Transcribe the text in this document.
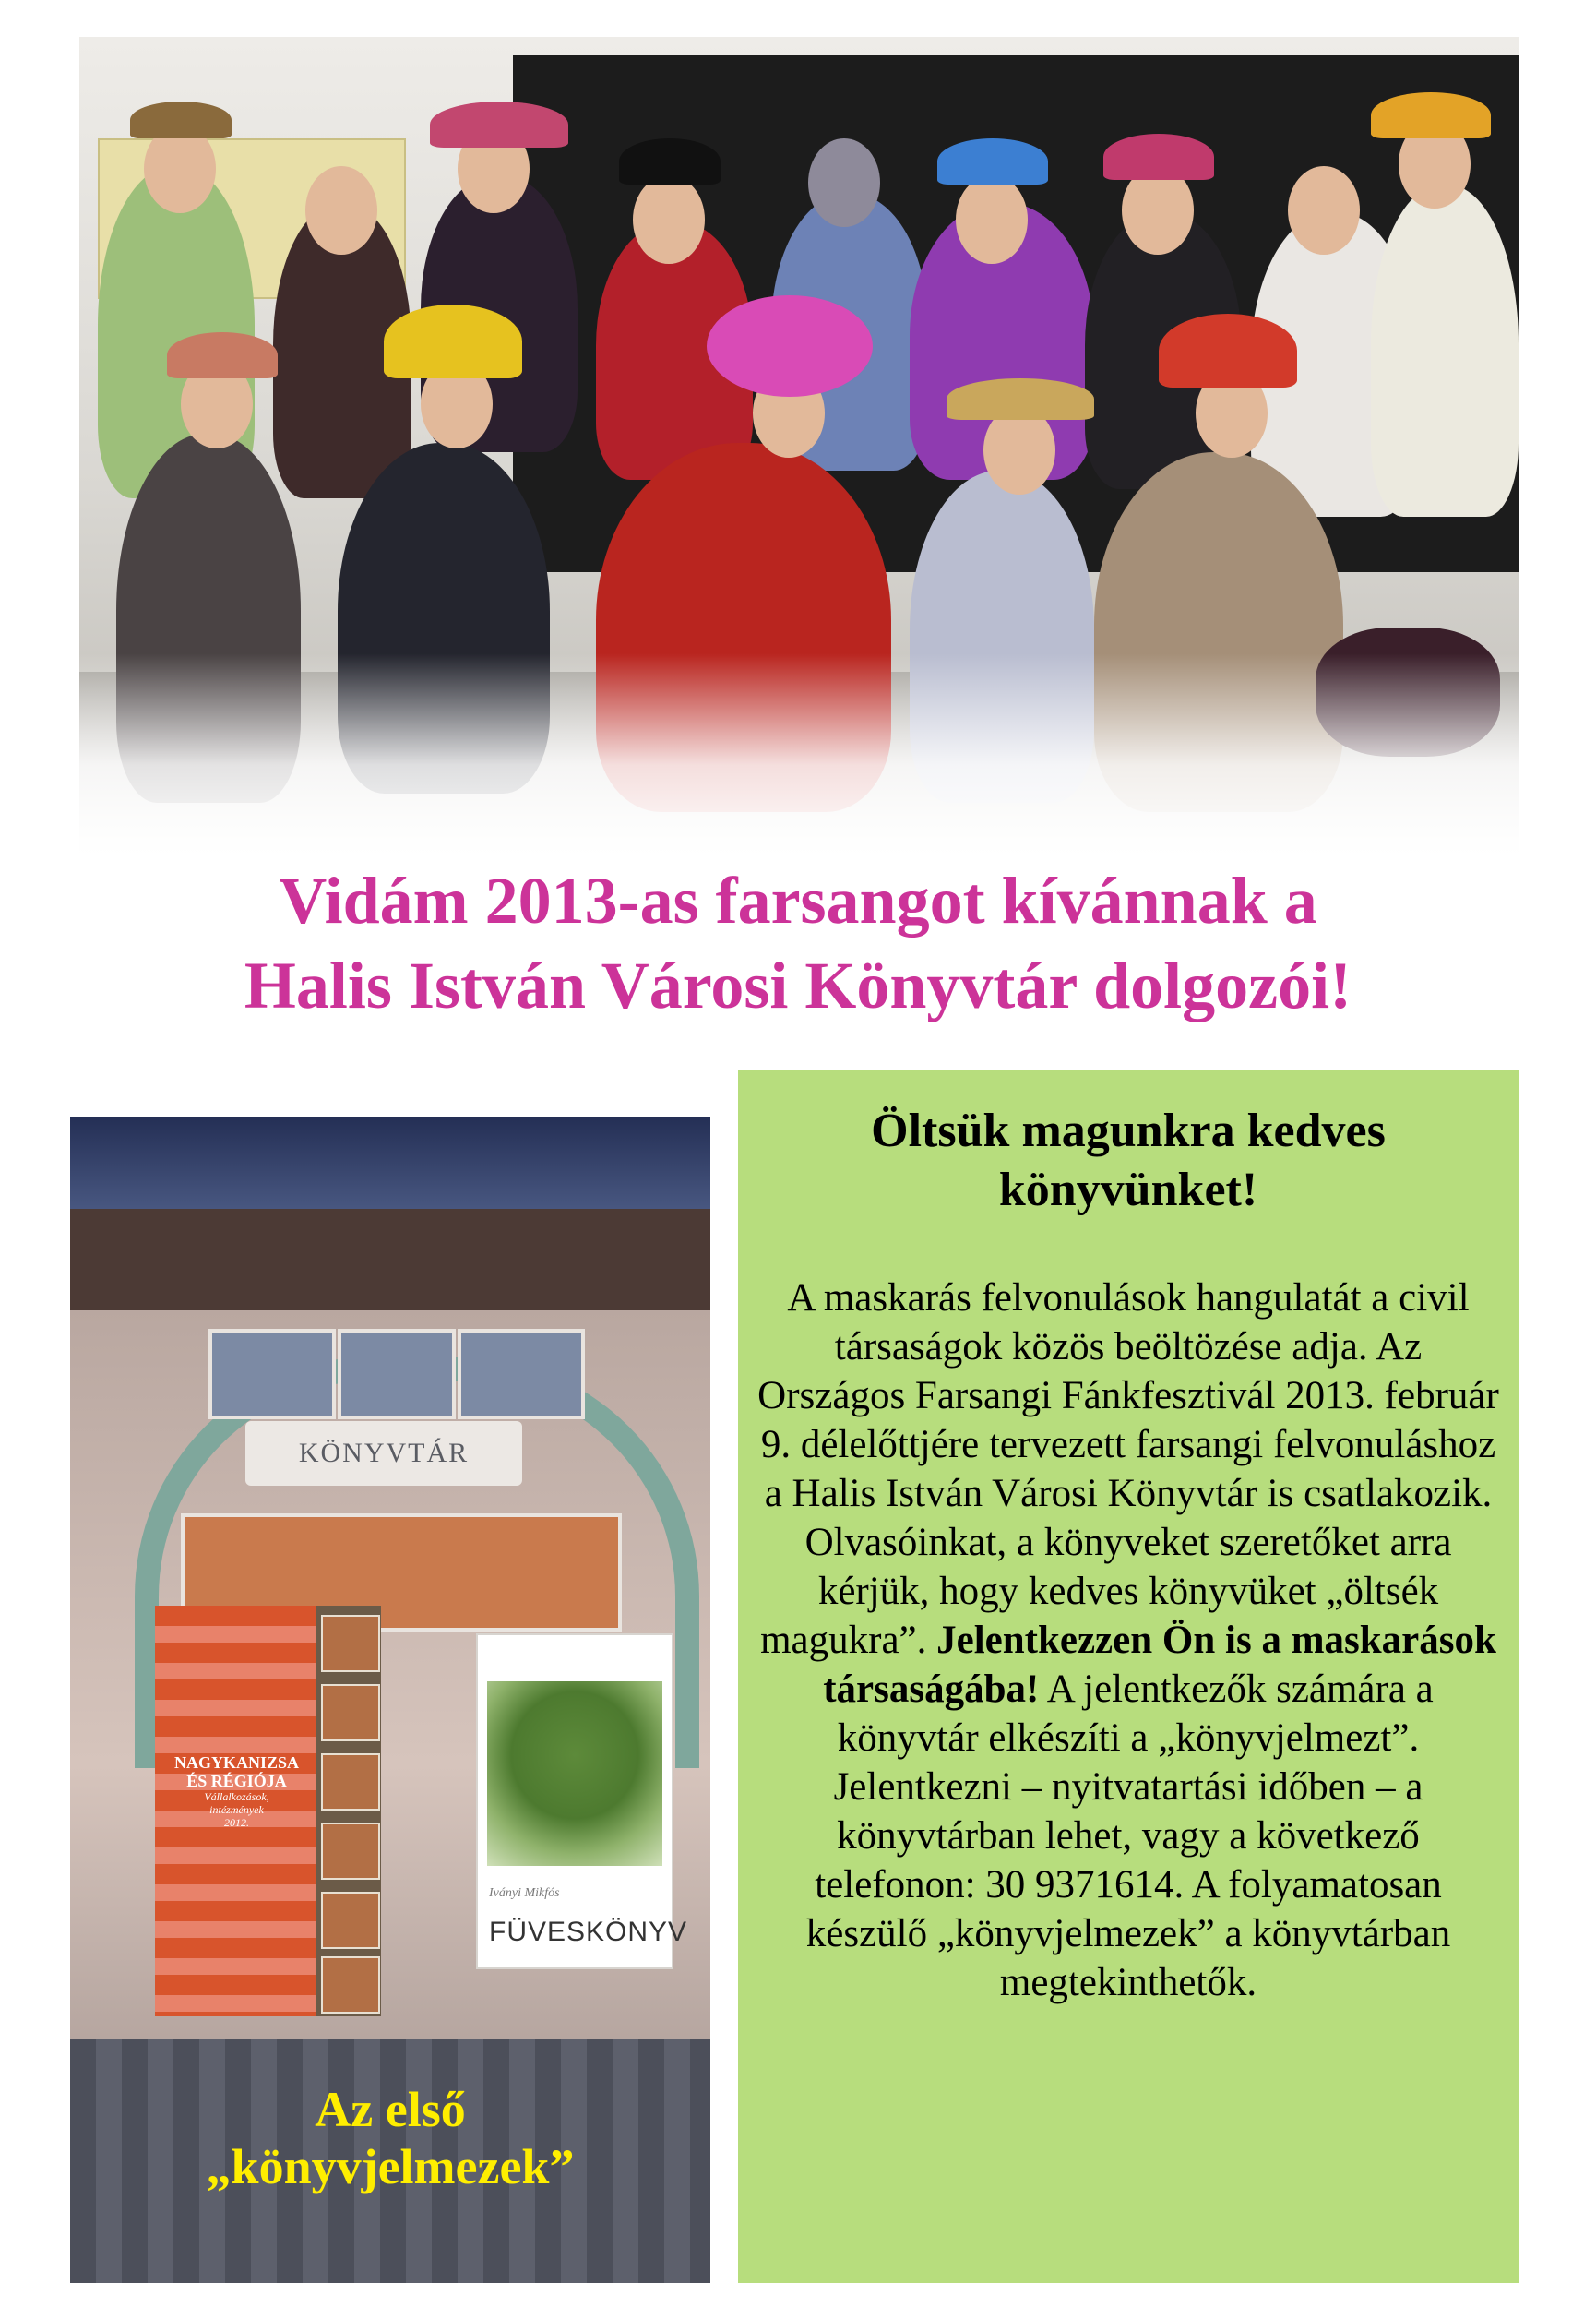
Vidám 2013-as farsangot kívánnak a
Halis István Városi Könyvtár dolgozói!
KÖNYVTÁR
NAGYKANIZSA
ÉS RÉGIÓJA
Vállalkozások,
intézmények
2012.
Iványi Mikfós
FÜVESKÖNYV
Az első
„könyvjelmezek”
Öltsük magunkra kedves
könyvünket!
A maskarás felvonulások hangulatát a civil társaságok közös beöltözése adja. Az Országos Farsangi Fánkfesztivál 2013. február 9. délelőttjére tervezett farsangi felvonuláshoz a Halis István Városi Könyvtár is csatlakozik. Olvasóinkat, a könyveket szeretőket arra kérjük, hogy kedves könyvüket „öltsék magukra”. Jelentkezzen Ön is a maskarások társaságába! A jelentkezők számára a könyvtár elkészíti a „könyvjelmezt”. Jelentkezni – nyitvatartási időben – a könyvtárban lehet, vagy a következő telefonon: 30 9371614. A folyamatosan készülő „könyvjelmezek” a könyvtárban megtekinthetők.
